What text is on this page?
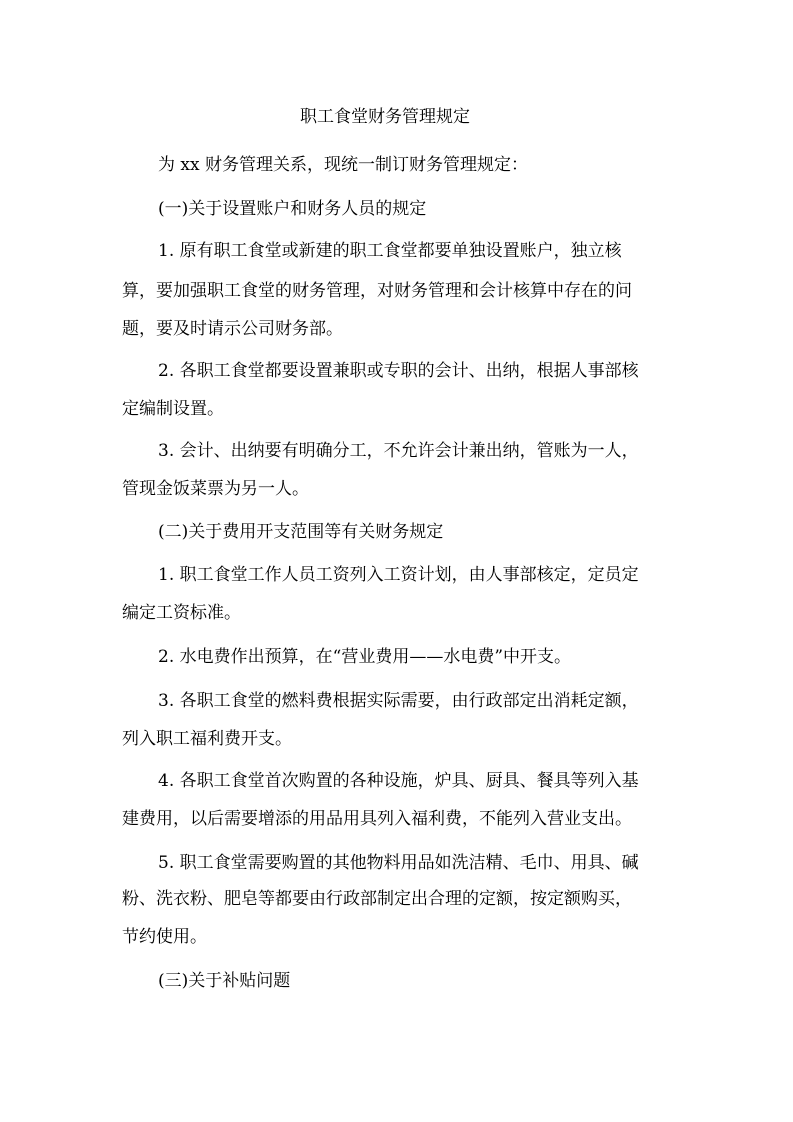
职工食堂财务管理规定
为 xx 财务管理关系，现统一制订财务管理规定：
(一)关于设置账户和财务人员的规定
1. 原有职工食堂或新建的职工食堂都要单独设置账户，独立核
算，要加强职工食堂的财务管理，对财务管理和会计核算中存在的问
题，要及时请示公司财务部。
2. 各职工食堂都要设置兼职或专职的会计、出纳，根据人事部核
定编制设置。
3. 会计、出纳要有明确分工，不允许会计兼出纳，管账为一人，
管现金饭菜票为另一人。
(二)关于费用开支范围等有关财务规定
1. 职工食堂工作人员工资列入工资计划，由人事部核定，定员定
编定工资标准。
2. 水电费作出预算，在“营业费用——水电费”中开支。
3. 各职工食堂的燃料费根据实际需要，由行政部定出消耗定额，
列入职工福利费开支。
4. 各职工食堂首次购置的各种设施，炉具、厨具、餐具等列入基
建费用，以后需要增添的用品用具列入福利费，不能列入营业支出。
5. 职工食堂需要购置的其他物料用品如洗洁精、毛巾、用具、碱
粉、洗衣粉、肥皂等都要由行政部制定出合理的定额，按定额购买，
节约使用。
(三)关于补贴问题
